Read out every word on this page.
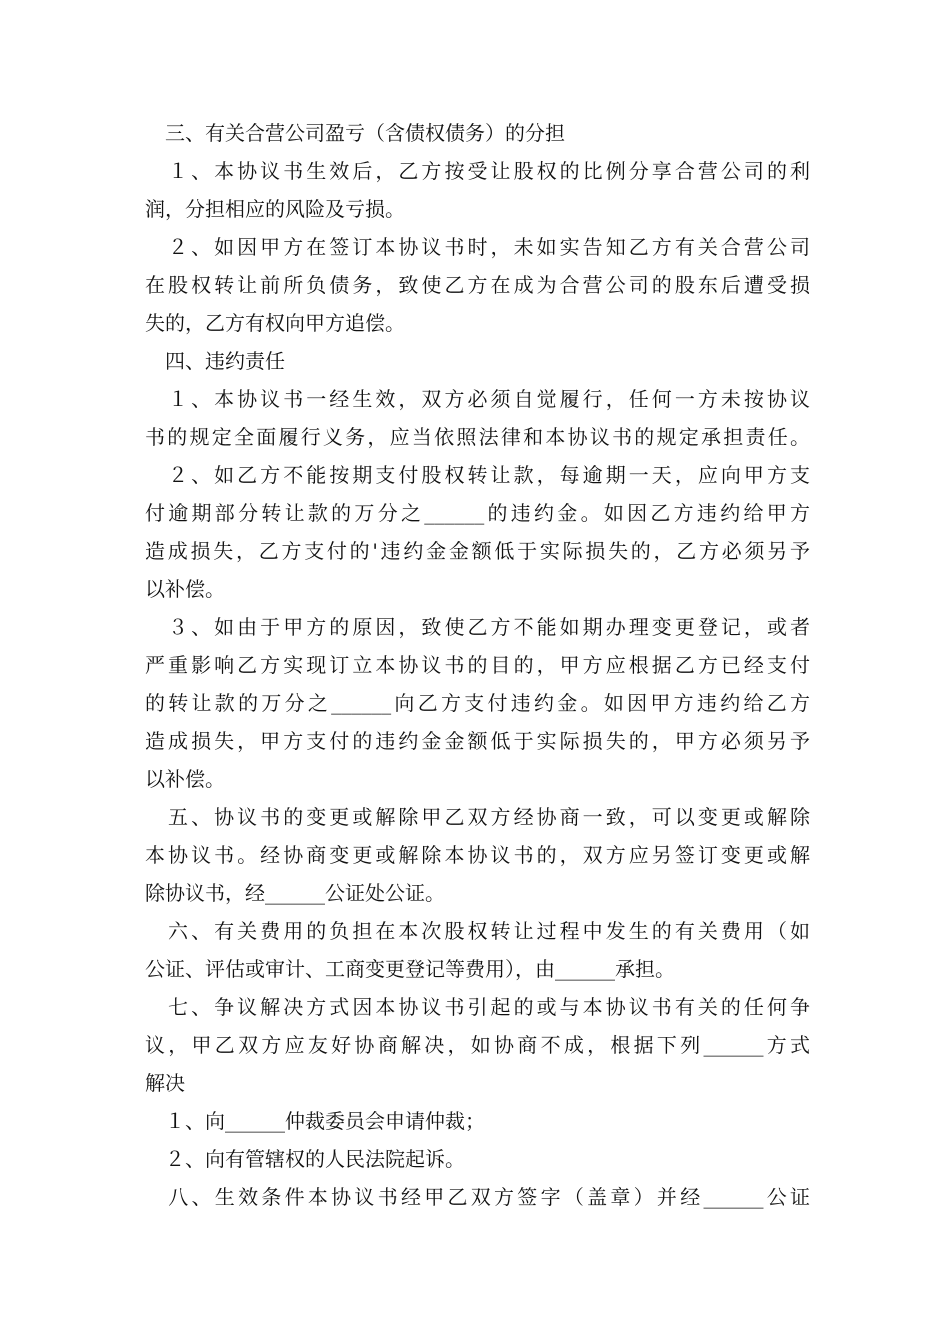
　三、有关合营公司盈亏（含债权债务）的分担
　１、本协议书生效后，乙方按受让股权的比例分享合营公司的利
润，分担相应的风险及亏损。
　２、如因甲方在签订本协议书时，未如实告知乙方有关合营公司
在股权转让前所负债务，致使乙方在成为合营公司的股东后遭受损
失的，乙方有权向甲方追偿。
　四、违约责任
　１、本协议书一经生效，双方必须自觉履行，任何一方未按协议
书的规定全面履行义务，应当依照法律和本协议书的规定承担责任。
　２、如乙方不能按期支付股权转让款，每逾期一天，应向甲方支
付逾期部分转让款的万分之______的违约金。如因乙方违约给甲方
造成损失，乙方支付的'违约金金额低于实际损失的，乙方必须另予
以补偿。
　３、如由于甲方的原因，致使乙方不能如期办理变更登记，或者
严重影响乙方实现订立本协议书的目的，甲方应根据乙方已经支付
的转让款的万分之______向乙方支付违约金。如因甲方违约给乙方
造成损失，甲方支付的违约金金额低于实际损失的，甲方必须另予
以补偿。
　五、协议书的变更或解除甲乙双方经协商一致，可以变更或解除
本协议书。经协商变更或解除本协议书的，双方应另签订变更或解
除协议书，经______公证处公证。
　六、有关费用的负担在本次股权转让过程中发生的有关费用（如
公证、评估或审计、工商变更登记等费用），由______承担。
　七、争议解决方式因本协议书引起的或与本协议书有关的任何争
议，甲乙双方应友好协商解决，如协商不成，根据下列______方式
解决
　１、向______仲裁委员会申请仲裁；
　２、向有管辖权的人民法院起诉。
　八、生效条件本协议书经甲乙双方签字（盖章）并经______公证
